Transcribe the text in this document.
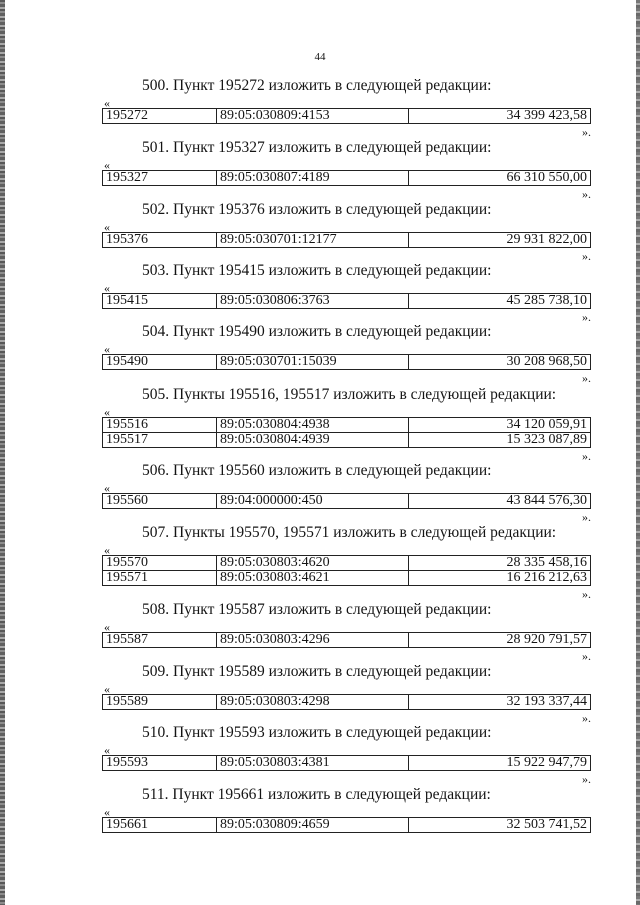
44
500. Пункт 195272 изложить в следующей редакции:
«
195272	89:05:030809:4153	34 399 423,58
».
501. Пункт 195327 изложить в следующей редакции:
«
195327	89:05:030807:4189	66 310 550,00
».
502. Пункт 195376 изложить в следующей редакции:
«
195376	89:05:030701:12177	29 931 822,00
».
503. Пункт 195415 изложить в следующей редакции:
«
195415	89:05:030806:3763	45 285 738,10
».
504. Пункт 195490 изложить в следующей редакции:
«
195490	89:05:030701:15039	30 208 968,50
».
505. Пункты 195516, 195517 изложить в следующей редакции:
«
195516	89:05:030804:4938	34 120 059,91
195517	89:05:030804:4939	15 323 087,89
».
506. Пункт 195560 изложить в следующей редакции:
«
195560	89:04:000000:450	43 844 576,30
».
507. Пункты 195570, 195571 изложить в следующей редакции:
«
195570	89:05:030803:4620	28 335 458,16
195571	89:05:030803:4621	16 216 212,63
».
508. Пункт 195587 изложить в следующей редакции:
«
195587	89:05:030803:4296	28 920 791,57
».
509. Пункт 195589 изложить в следующей редакции:
«
195589	89:05:030803:4298	32 193 337,44
».
510. Пункт 195593 изложить в следующей редакции:
«
195593	89:05:030803:4381	15 922 947,79
».
511. Пункт 195661 изложить в следующей редакции:
«
195661	89:05:030809:4659	32 503 741,52
